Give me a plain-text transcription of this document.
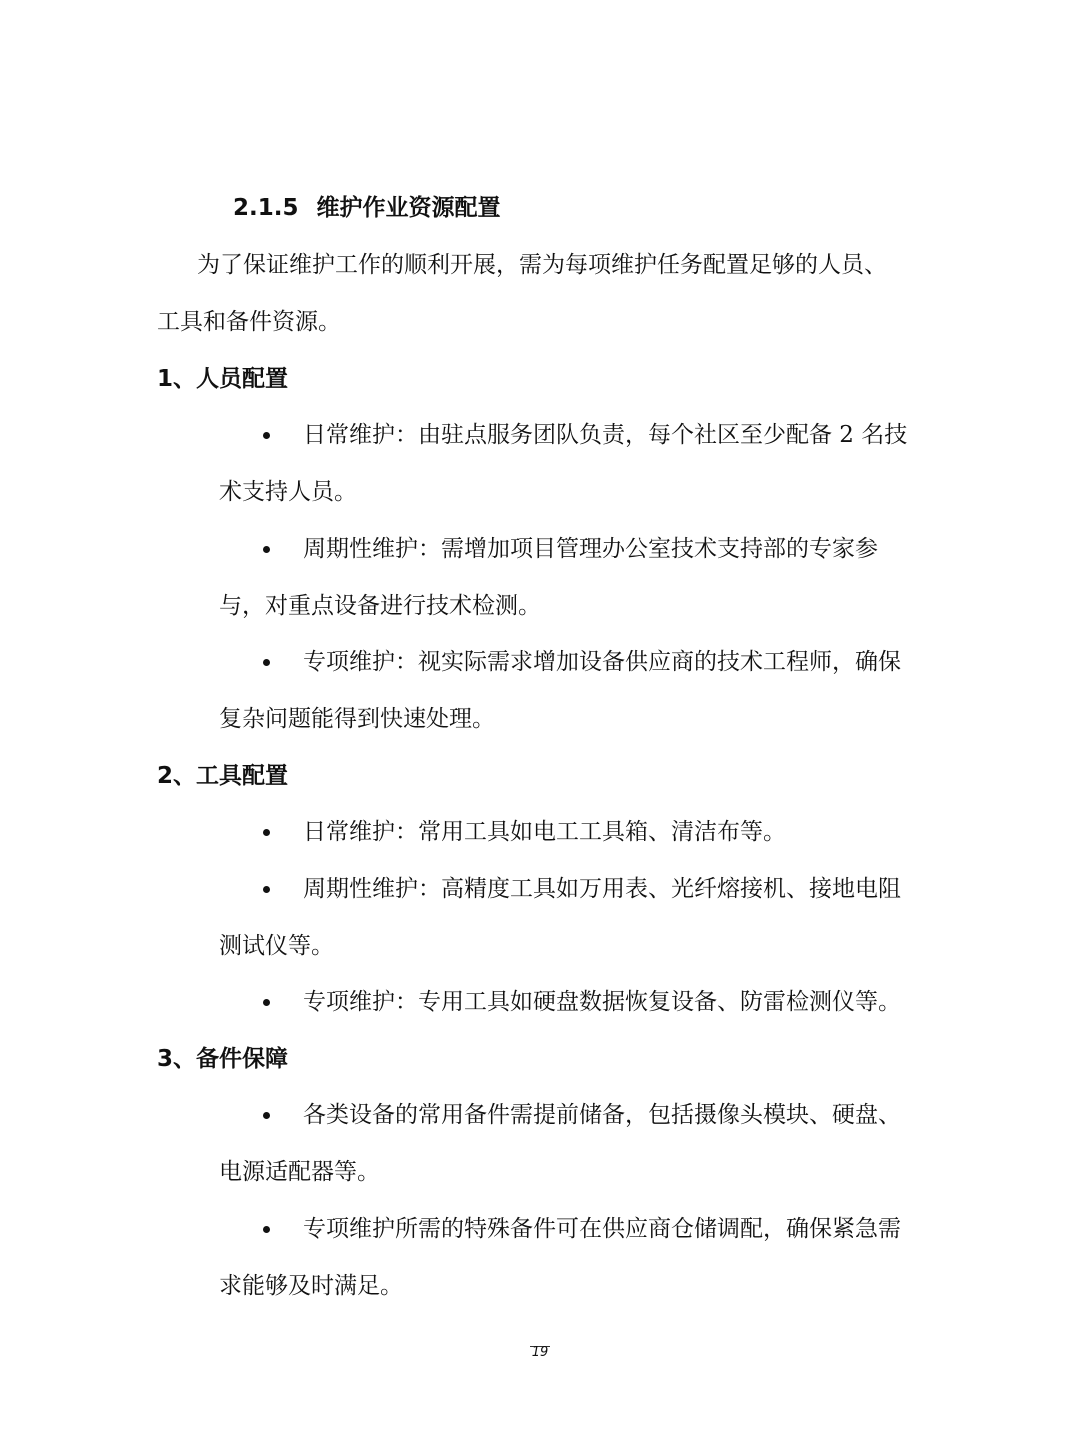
2.1.5 维护作业资源配置
为了保证维护工作的顺利开展，需为每项维护任务配置足够的人员、
工具和备件资源。
1、人员配置
日常维护：由驻点服务团队负责，每个社区至少配备 2 名技
术支持人员。
周期性维护：需增加项目管理办公室技术支持部的专家参
与，对重点设备进行技术检测。
专项维护：视实际需求增加设备供应商的技术工程师，确保
复杂问题能得到快速处理。
2、工具配置
日常维护：常用工具如电工工具箱、清洁布等。
周期性维护：高精度工具如万用表、光纤熔接机、接地电阻
测试仪等。
专项维护：专用工具如硬盘数据恢复设备、防雷检测仪等。
3、备件保障
各类设备的常用备件需提前储备，包括摄像头模块、硬盘、
电源适配器等。
专项维护所需的特殊备件可在供应商仓储调配，确保紧急需
求能够及时满足。
19
